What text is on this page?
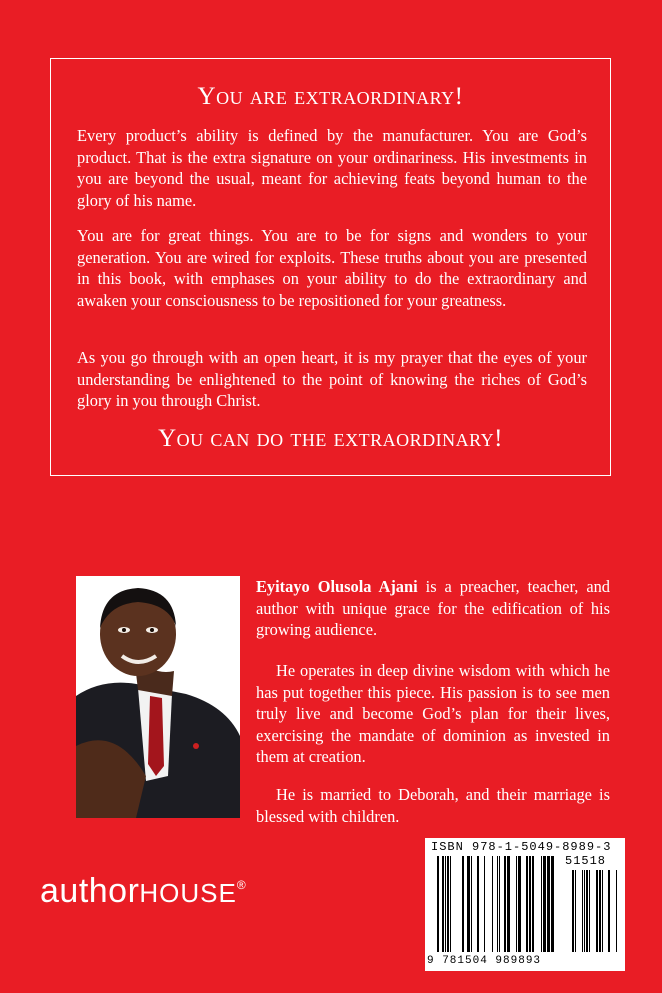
You are extraordinary!

Every product’s ability is defined by the manufacturer. You are God’s product. That is the extra signature on your ordinariness. His investments in you are beyond the usual, meant for achieving feats beyond human to the glory of his name.

You are for great things. You are to be for signs and wonders to your generation. You are wired for exploits. These truths about you are presented in this book, with emphases on your ability to do the extraordinary and awaken your consciousness to be repositioned for your greatness.

As you go through with an open heart, it is my prayer that the eyes of your understanding be enlightened to the point of knowing the riches of God’s glory in you through Christ.

You can do the extraordinary!

Eyitayo Olusola Ajani is a preacher, teacher, and author with unique grace for the edification of his growing audience.

He operates in deep divine wisdom with which he has put together this piece. His passion is to see men truly live and become God’s plan for their lives, exercising the mandate of dominion as invested in them at creation.

He is married to Deborah, and their marriage is blessed with children.

authorHOUSE®
ISBN 978-1-5049-8989-3
51518
9 781504 989893
